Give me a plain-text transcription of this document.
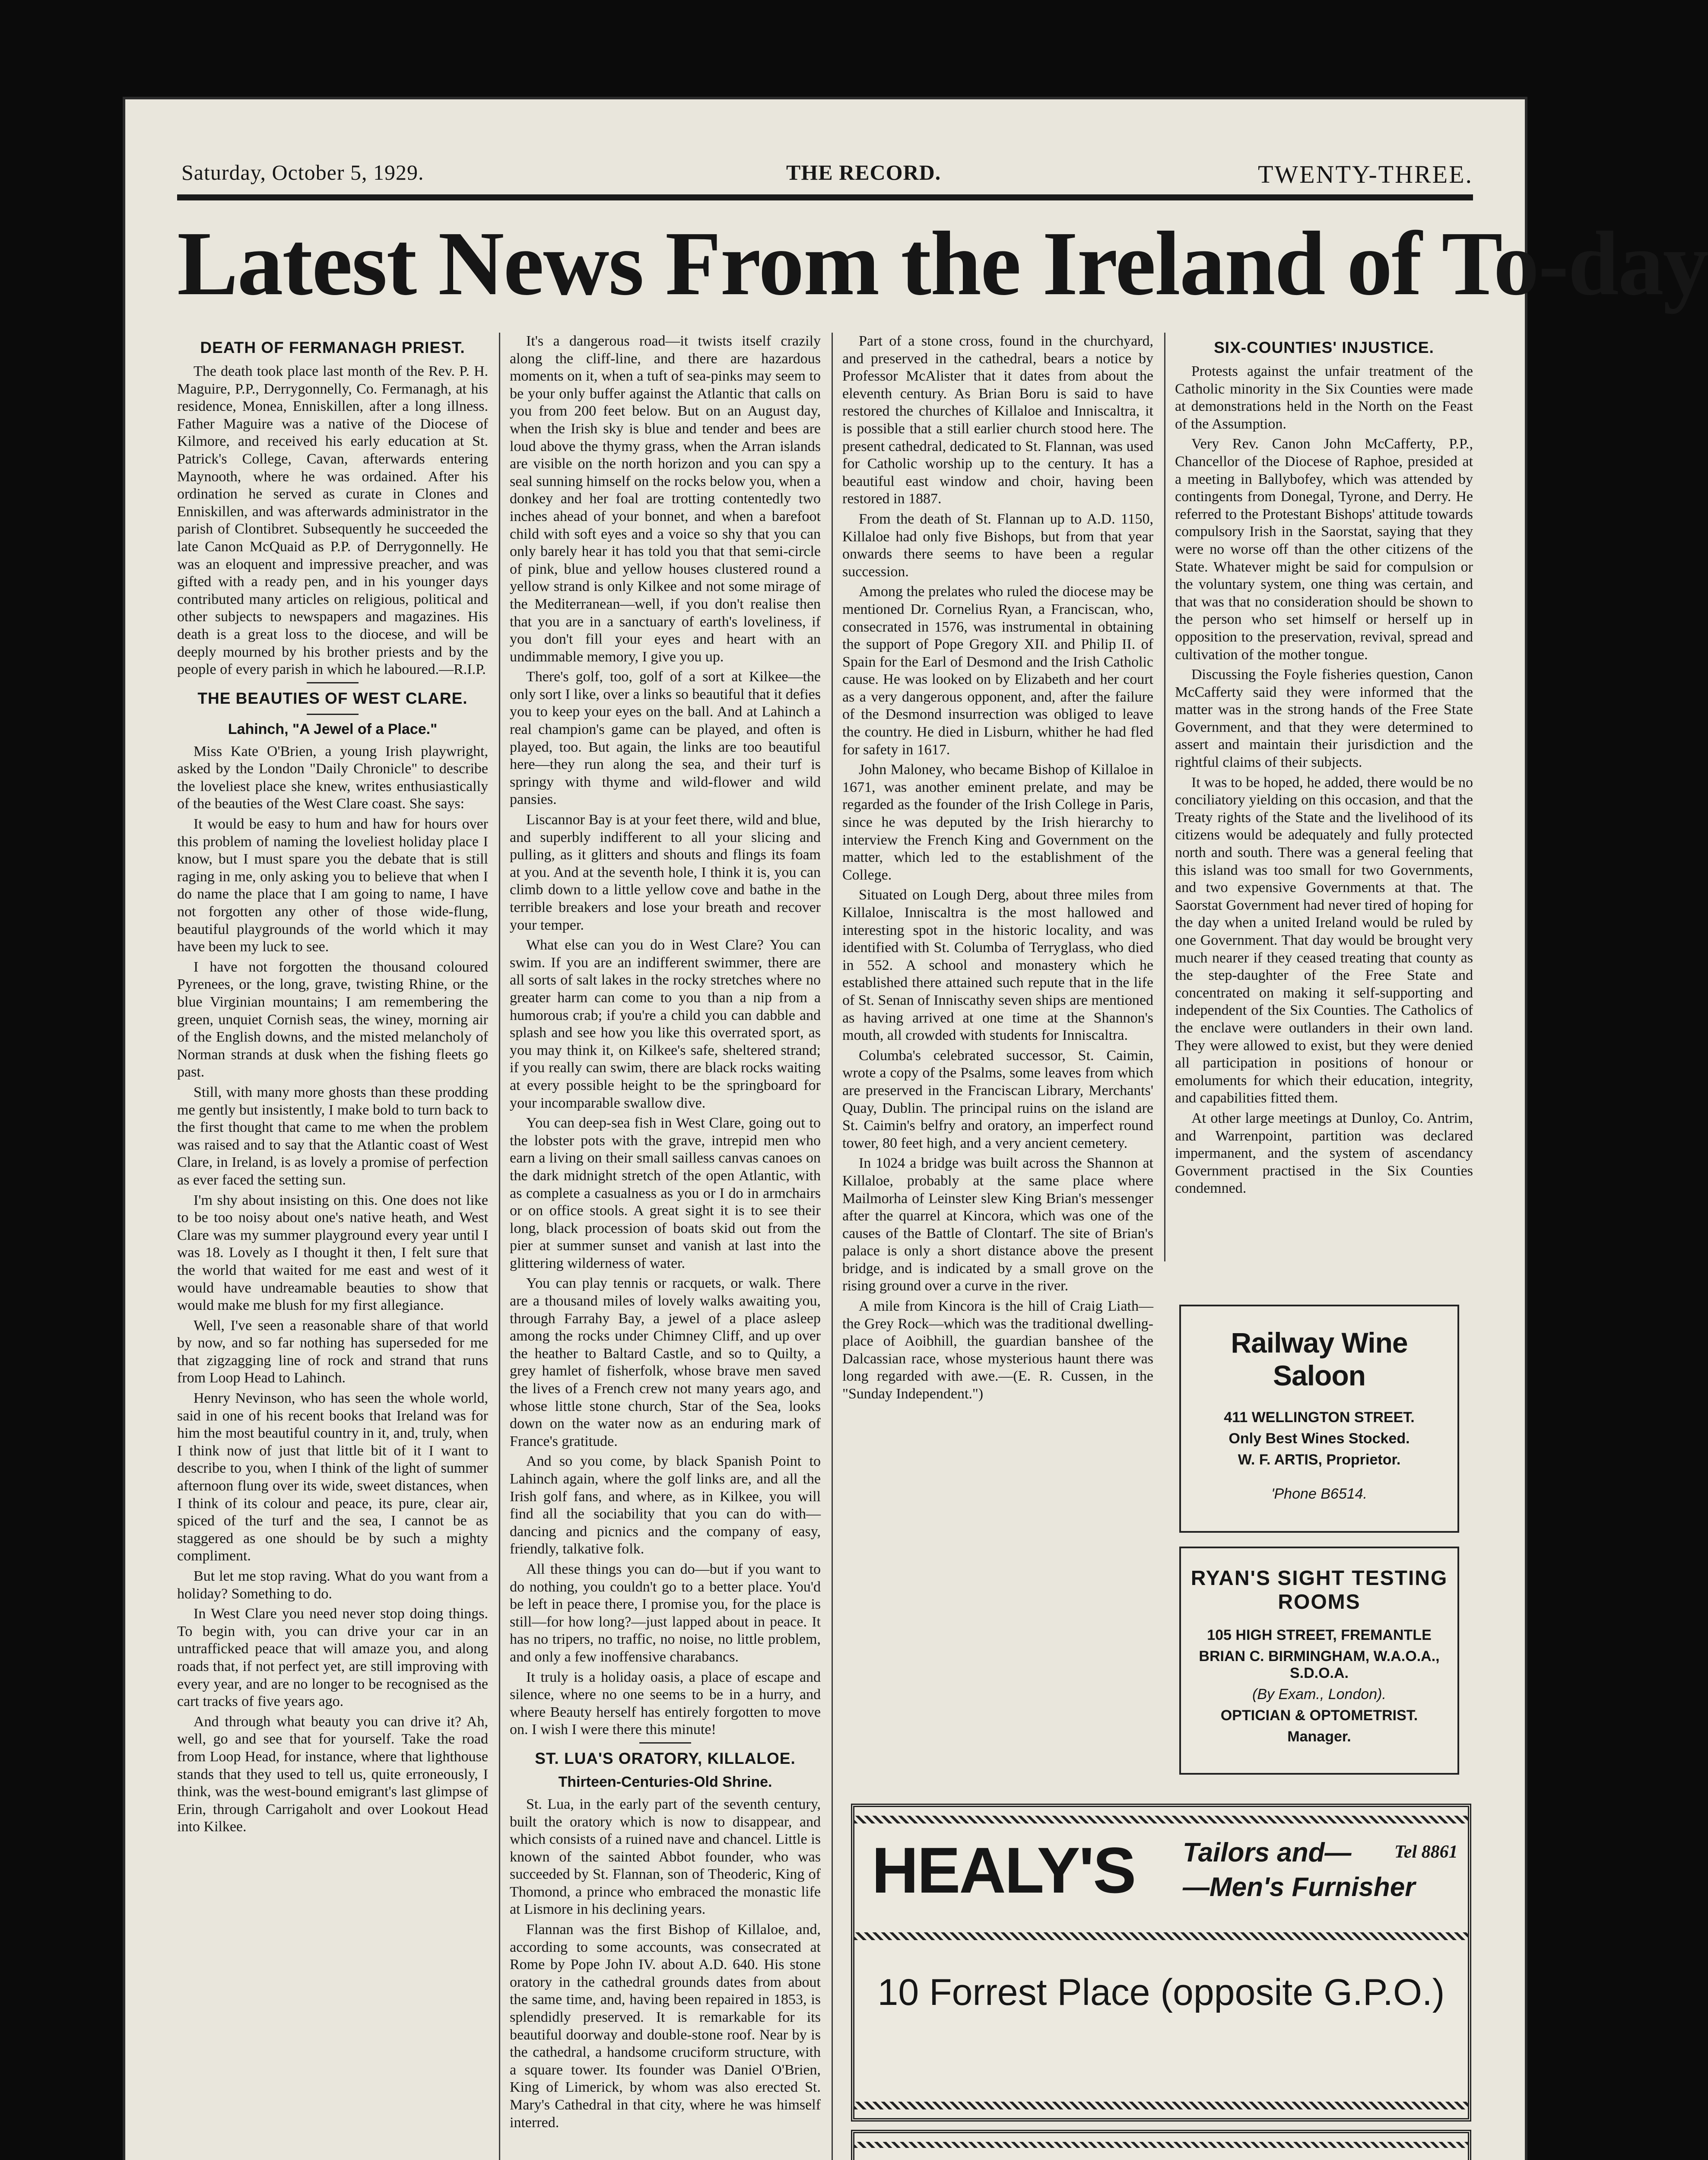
Saturday, October 5, 1929.	THE RECORD.	TWENTY-THREE.
Latest News From the Ireland of To-day
DEATH OF FERMANAGH PRIEST.

The death took place last month of the Rev. P. H. Maguire, P.P., Derrygonnelly, Co. Fermanagh, at his residence, Monea, Enniskillen, after a long illness. Father Maguire was a native of the Diocese of Kilmore, and received his early education at St. Patrick's College, Cavan, afterwards entering Maynooth, where he was ordained. After his ordination he served as curate in Clones and Enniskillen, and was afterwards administrator in the parish of Clontibret. Subsequently he succeeded the late Canon McQuaid as P.P. of Derrygonnelly. He was an eloquent and impressive preacher, and was gifted with a ready pen, and in his younger days contributed many articles on religious, political and other subjects to newspapers and magazines. His death is a great loss to the diocese, and will be deeply mourned by his brother priests and by the people of every parish in which he laboured.—R.I.P.

THE BEAUTIES OF WEST CLARE.
Lahinch, "A Jewel of a Place."

Miss Kate O'Brien, a young Irish playwright, asked by the London "Daily Chronicle" to describe the loveliest place she knew, writes enthusiastically of the beauties of the West Clare coast. She says:

It would be easy to hum and haw for hours over this problem of naming the loveliest holiday place I know, but I must spare you the debate that is still raging in me, only asking you to believe that when I do name the place that I am going to name, I have not forgotten any other of those wide-flung, beautiful playgrounds of the world which it may have been my luck to see.

I have not forgotten the thousand coloured Pyrenees, or the long, grave, twisting Rhine, or the blue Virginian mountains; I am remembering the green, unquiet Cornish seas, the winey, morning air of the English downs, and the misted melancholy of Norman strands at dusk when the fishing fleets go past.

Still, with many more ghosts than these prodding me gently but insistently, I make bold to turn back to the first thought that came to me when the problem was raised and to say that the Atlantic coast of West Clare, in Ireland, is as lovely a promise of perfection as ever faced the setting sun.

I'm shy about insisting on this. One does not like to be too noisy about one's native heath, and West Clare was my summer playground every year until I was 18. Lovely as I thought it then, I felt sure that the world that waited for me east and west of it would have undreamable beauties to show that would make me blush for my first allegiance.

Well, I've seen a reasonable share of that world by now, and so far nothing has superseded for me that zigzagging line of rock and strand that runs from Loop Head to Lahinch.

Henry Nevinson, who has seen the whole world, said in one of his recent books that Ireland was for him the most beautiful country in it, and, truly, when I think now of just that little bit of it I want to describe to you, when I think of the light of summer afternoon flung over its wide, sweet distances, when I think of its colour and peace, its pure, clear air, spiced of the turf and the sea, I cannot be as staggered as one should be by such a mighty compliment.

But let me stop raving. What do you want from a holiday? Something to do.

In West Clare you need never stop doing things. To begin with, you can drive your car in an untrafficked peace that will amaze you, and along roads that, if not perfect yet, are still improving with every year, and are no longer to be recognised as the cart tracks of five years ago.

And through what beauty you can drive it? Ah, well, go and see that for yourself. Take the road from Loop Head, for instance, where that lighthouse stands that they used to tell us, quite erroneously, I think, was the west-bound emigrant's last glimpse of Erin, through Carrigaholt and over Lookout Head into Kilkee.

It's a dangerous road—it twists itself crazily along the cliff-line, and there are hazardous moments on it, when a tuft of sea-pinks may seem to be your only buffer against the Atlantic that calls on you from 200 feet below. But on an August day, when the Irish sky is blue and tender and bees are loud above the thymy grass, when the Arran islands are visible on the north horizon and you can spy a seal sunning himself on the rocks below you, when a donkey and her foal are trotting contentedly two inches ahead of your bonnet, and when a barefoot child with soft eyes and a voice so shy that you can only barely hear it has told you that that semi-circle of pink, blue and yellow houses clustered round a yellow strand is only Kilkee and not some mirage of the Mediterranean—well, if you don't realise then that you are in a sanctuary of earth's loveliness, if you don't fill your eyes and heart with an undimmable memory, I give you up.

There's golf, too, golf of a sort at Kilkee—the only sort I like, over a links so beautiful that it defies you to keep your eyes on the ball. And at Lahinch a real champion's game can be played, and often is played, too. But again, the links are too beautiful here—they run along the sea, and their turf is springy with thyme and wild-flower and wild pansies.

Liscannor Bay is at your feet there, wild and blue, and superbly indifferent to all your slicing and pulling, as it glitters and shouts and flings its foam at you. And at the seventh hole, I think it is, you can climb down to a little yellow cove and bathe in the terrible breakers and lose your breath and recover your temper.

What else can you do in West Clare? You can swim. If you are an indifferent swimmer, there are all sorts of salt lakes in the rocky stretches where no greater harm can come to you than a nip from a humorous crab; if you're a child you can dabble and splash and see how you like this overrated sport, as you may think it, on Kilkee's safe, sheltered strand; if you really can swim, there are black rocks waiting at every possible height to be the springboard for your incomparable swallow dive.

You can deep-sea fish in West Clare, going out to the lobster pots with the grave, intrepid men who earn a living on their small sailless canvas canoes on the dark midnight stretch of the open Atlantic, with as complete a casualness as you or I do in armchairs or on office stools. A great sight it is to see their long, black procession of boats skid out from the pier at summer sunset and vanish at last into the glittering wilderness of water.

You can play tennis or racquets, or walk. There are a thousand miles of lovely walks awaiting you, through Farrahy Bay, a jewel of a place asleep among the rocks under Chimney Cliff, and up over the heather to Baltard Castle, and so to Quilty, a grey hamlet of fisherfolk, whose brave men saved the lives of a French crew not many years ago, and whose little stone church, Star of the Sea, looks down on the water now as an enduring mark of France's gratitude.

And so you come, by black Spanish Point to Lahinch again, where the golf links are, and all the Irish golf fans, and where, as in Kilkee, you will find all the sociability that you can do with—dancing and picnics and the company of easy, friendly, talkative folk.

All these things you can do—but if you want to do nothing, you couldn't go to a better place. You'd be left in peace there, I promise you, for the place is still—for how long?—just lapped about in peace. It has no tripers, no traffic, no noise, no little problem, and only a few inoffensive charabancs.

It truly is a holiday oasis, a place of escape and silence, where no one seems to be in a hurry, and where Beauty herself has entirely forgotten to move on. I wish I were there this minute!

ST. LUA'S ORATORY, KILLALOE.
Thirteen-Centuries-Old Shrine.

St. Lua, in the early part of the seventh century, built the oratory which is now to disappear, and which consists of a ruined nave and chancel. Little is known of the sainted Abbot founder, who was succeeded by St. Flannan, son of Theoderic, King of Thomond, a prince who embraced the monastic life at Lismore in his declining years.

Flannan was the first Bishop of Killaloe, and, according to some accounts, was consecrated at Rome by Pope John IV. about A.D. 640. His stone oratory in the cathedral grounds dates from about the same time, and, having been repaired in 1853, is splendidly preserved. It is remarkable for its beautiful doorway and double-stone roof. Near by is the cathedral, a handsome cruciform structure, with a square tower. Its founder was Daniel O'Brien, King of Limerick, by whom was also erected St. Mary's Cathedral in that city, where he was himself interred.

Part of a stone cross, found in the churchyard, and preserved in the cathedral, bears a notice by Professor McAlister that it dates from about the eleventh century. As Brian Boru is said to have restored the churches of Killaloe and Inniscaltra, it is possible that a still earlier church stood here. The present cathedral, dedicated to St. Flannan, was used for Catholic worship up to the century. It has a beautiful east window and choir, having been restored in 1887.

From the death of St. Flannan up to A.D. 1150, Killaloe had only five Bishops, but from that year onwards there seems to have been a regular succession.

Among the prelates who ruled the diocese may be mentioned Dr. Cornelius Ryan, a Franciscan, who, consecrated in 1576, was instrumental in obtaining the support of Pope Gregory XII. and Philip II. of Spain for the Earl of Desmond and the Irish Catholic cause. He was looked on by Elizabeth and her court as a very dangerous opponent, and, after the failure of the Desmond insurrection was obliged to leave the country. He died in Lisburn, whither he had fled for safety in 1617.

John Maloney, who became Bishop of Killaloe in 1671, was another eminent prelate, and may be regarded as the founder of the Irish College in Paris, since he was deputed by the Irish hierarchy to interview the French King and Government on the matter, which led to the establishment of the College.

Situated on Lough Derg, about three miles from Killaloe, Inniscaltra is the most hallowed and interesting spot in the historic locality, and was identified with St. Columba of Terryglass, who died in 552. A school and monastery which he established there attained such repute that in the life of St. Senan of Inniscathy seven ships are mentioned as having arrived at one time at the Shannon's mouth, all crowded with students for Inniscaltra.

Columba's celebrated successor, St. Caimin, wrote a copy of the Psalms, some leaves from which are preserved in the Franciscan Library, Merchants' Quay, Dublin. The principal ruins on the island are St. Caimin's belfry and oratory, an imperfect round tower, 80 feet high, and a very ancient cemetery.

In 1024 a bridge was built across the Shannon at Killaloe, probably at the same place where Mailmorha of Leinster slew King Brian's messenger after the quarrel at Kincora, which was one of the causes of the Battle of Clontarf. The site of Brian's palace is only a short distance above the present bridge, and is indicated by a small grove on the rising ground over a curve in the river.

A mile from Kincora is the hill of Craig Liath—the Grey Rock—which was the traditional dwelling-place of Aoibhill, the guardian banshee of the Dalcassian race, whose mysterious haunt there was long regarded with awe.—(E. R. Cussen, in the "Sunday Independent.")

SIX-COUNTIES' INJUSTICE.

Protests against the unfair treatment of the Catholic minority in the Six Counties were made at demonstrations held in the North on the Feast of the Assumption.

Very Rev. Canon John McCafferty, P.P., Chancellor of the Diocese of Raphoe, presided at a meeting in Ballybofey, which was attended by contingents from Donegal, Tyrone, and Derry. He referred to the Protestant Bishops' attitude towards compulsory Irish in the Saorstat, saying that they were no worse off than the other citizens of the State. Whatever might be said for compulsion or the voluntary system, one thing was certain, and that was that no consideration should be shown to the person who set himself or herself up in opposition to the preservation, revival, spread and cultivation of the mother tongue.

Discussing the Foyle fisheries question, Canon McCafferty said they were informed that the matter was in the strong hands of the Free State Government, and that they were determined to assert and maintain their jurisdiction and the rightful claims of their subjects.

It was to be hoped, he added, there would be no conciliatory yielding on this occasion, and that the Treaty rights of the State and the livelihood of its citizens would be adequately and fully protected north and south. There was a general feeling that this island was too small for two Governments, and two expensive Governments at that. The Saorstat Government had never tired of hoping for the day when a united Ireland would be ruled by one Government. That day would be brought very much nearer if they ceased treating that county as the step-daughter of the Free State and concentrated on making it self-supporting and independent of the Six Counties. The Catholics of the enclave were outlanders in their own land. They were allowed to exist, but they were denied all participation in positions of honour or emoluments for which their education, integrity, and capabilities fitted them.

At other large meetings at Dunloy, Co. Antrim, and Warrenpoint, partition was declared impermanent, and the system of ascendancy Government practised in the Six Counties condemned.

Railway Wine Saloon
411 WELLINGTON STREET.
Only Best Wines Stocked.
W. F. ARTIS, Proprietor.
'Phone B6514.
RYAN'S SIGHT TESTING ROOMS
105 HIGH STREET, FREMANTLE
BRIAN C. BIRMINGHAM, W.A.O.A., S.D.O.A.
(By Exam., London).
OPTICIAN & OPTOMETRIST.
Manager.
HEALY'S Tailors and—
—Men's Furnisher
Tel 8861
10 Forrest Place (opposite G.P.O.)
